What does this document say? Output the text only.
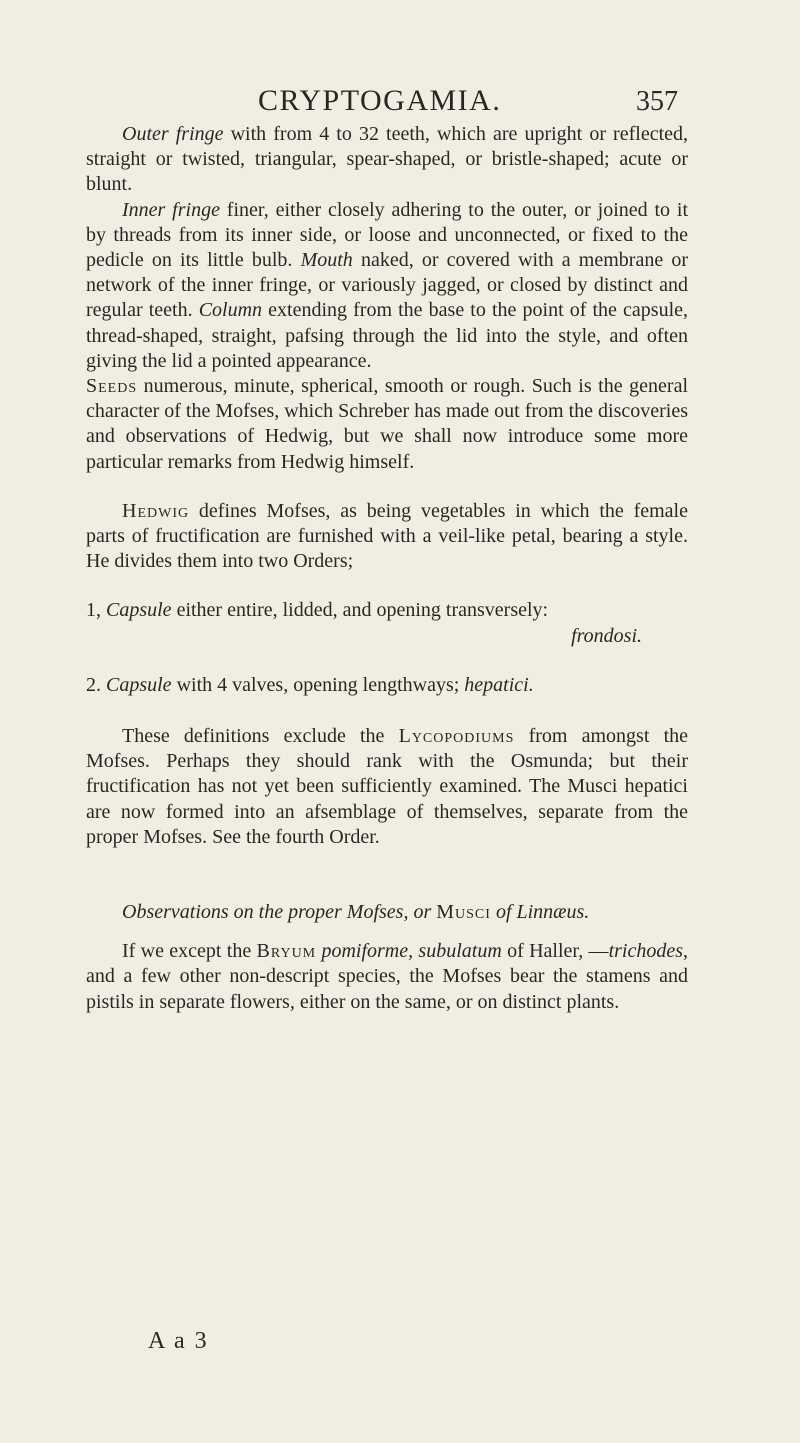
CRYPTOGAMIA.	357

Outer fringe with from 4 to 32 teeth, which are upright or reflected, straight or twisted, triangular, spear-shaped, or bristle-shaped; acute or blunt.

Inner fringe finer, either closely adhering to the outer, or joined to it by threads from its inner side, or loose and unconnected, or fixed to the pedicle on its little bulb. Mouth naked, or covered with a membrane or network of the inner fringe, or variously jagged, or closed by distinct and regular teeth. Column extending from the base to the point of the capsule, thread-shaped, straight, pafsing through the lid into the style, and often giving the lid a pointed appearance.

Seeds numerous, minute, spherical, smooth or rough. Such is the general character of the Mofses, which Schreber has made out from the discoveries and observations of Hedwig, but we shall now introduce some more particular remarks from Hedwig himself.

Hedwig defines Mofses, as being vegetables in which the female parts of fructification are furnished with a veil-like petal, bearing a style. He divides them into two Orders;

1, Capsule either entire, lidded, and opening transversely:

frondosi.

2. Capsule with 4 valves, opening lengthways; hepatici.

These definitions exclude the Lycopodiums from amongst the Mofses. Perhaps they should rank with the Osmunda; but their fructification has not yet been sufficiently examined. The Musci hepatici are now formed into an afsemblage of themselves, separate from the proper Mofses. See the fourth Order.

Observations on the proper Mofses, or Musci of Linnæus.

If we except the Bryum pomiforme, subulatum of Haller, —trichodes, and a few other non-descript species, the Mofses bear the stamens and pistils in separate flowers, either on the same, or on distinct plants.

A a 3
